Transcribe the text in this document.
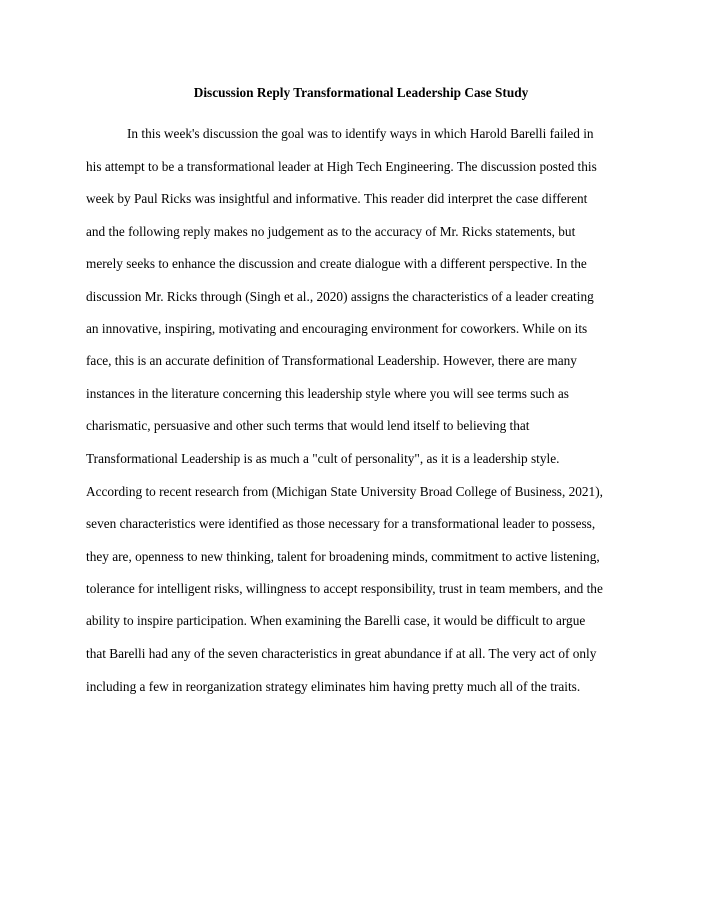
Discussion Reply Transformational Leadership Case Study

In this week's discussion the goal was to identify ways in which Harold Barelli failed in

his attempt to be a transformational leader at High Tech Engineering. The discussion posted this

week by Paul Ricks was insightful and informative. This reader did interpret the case different

and the following reply makes no judgement as to the accuracy of Mr. Ricks statements, but

merely seeks to enhance the discussion and create dialogue with a different perspective. In the

discussion Mr. Ricks through (Singh et al., 2020) assigns the characteristics of a leader creating

an innovative, inspiring, motivating and encouraging environment for coworkers. While on its

face, this is an accurate definition of Transformational Leadership. However, there are many

instances in the literature concerning this leadership style where you will see terms such as

charismatic, persuasive and other such terms that would lend itself to believing that

Transformational Leadership is as much a "cult of personality", as it is a leadership style.

According to recent research from (Michigan State University Broad College of Business, 2021),

seven characteristics were identified as those necessary for a transformational leader to possess,

they are, openness to new thinking, talent for broadening minds, commitment to active listening,

tolerance for intelligent risks, willingness to accept responsibility, trust in team members, and the

ability to inspire participation. When examining the Barelli case, it would be difficult to argue

that Barelli had any of the seven characteristics in great abundance if at all. The very act of only

including a few in reorganization strategy eliminates him having pretty much all of the traits.
